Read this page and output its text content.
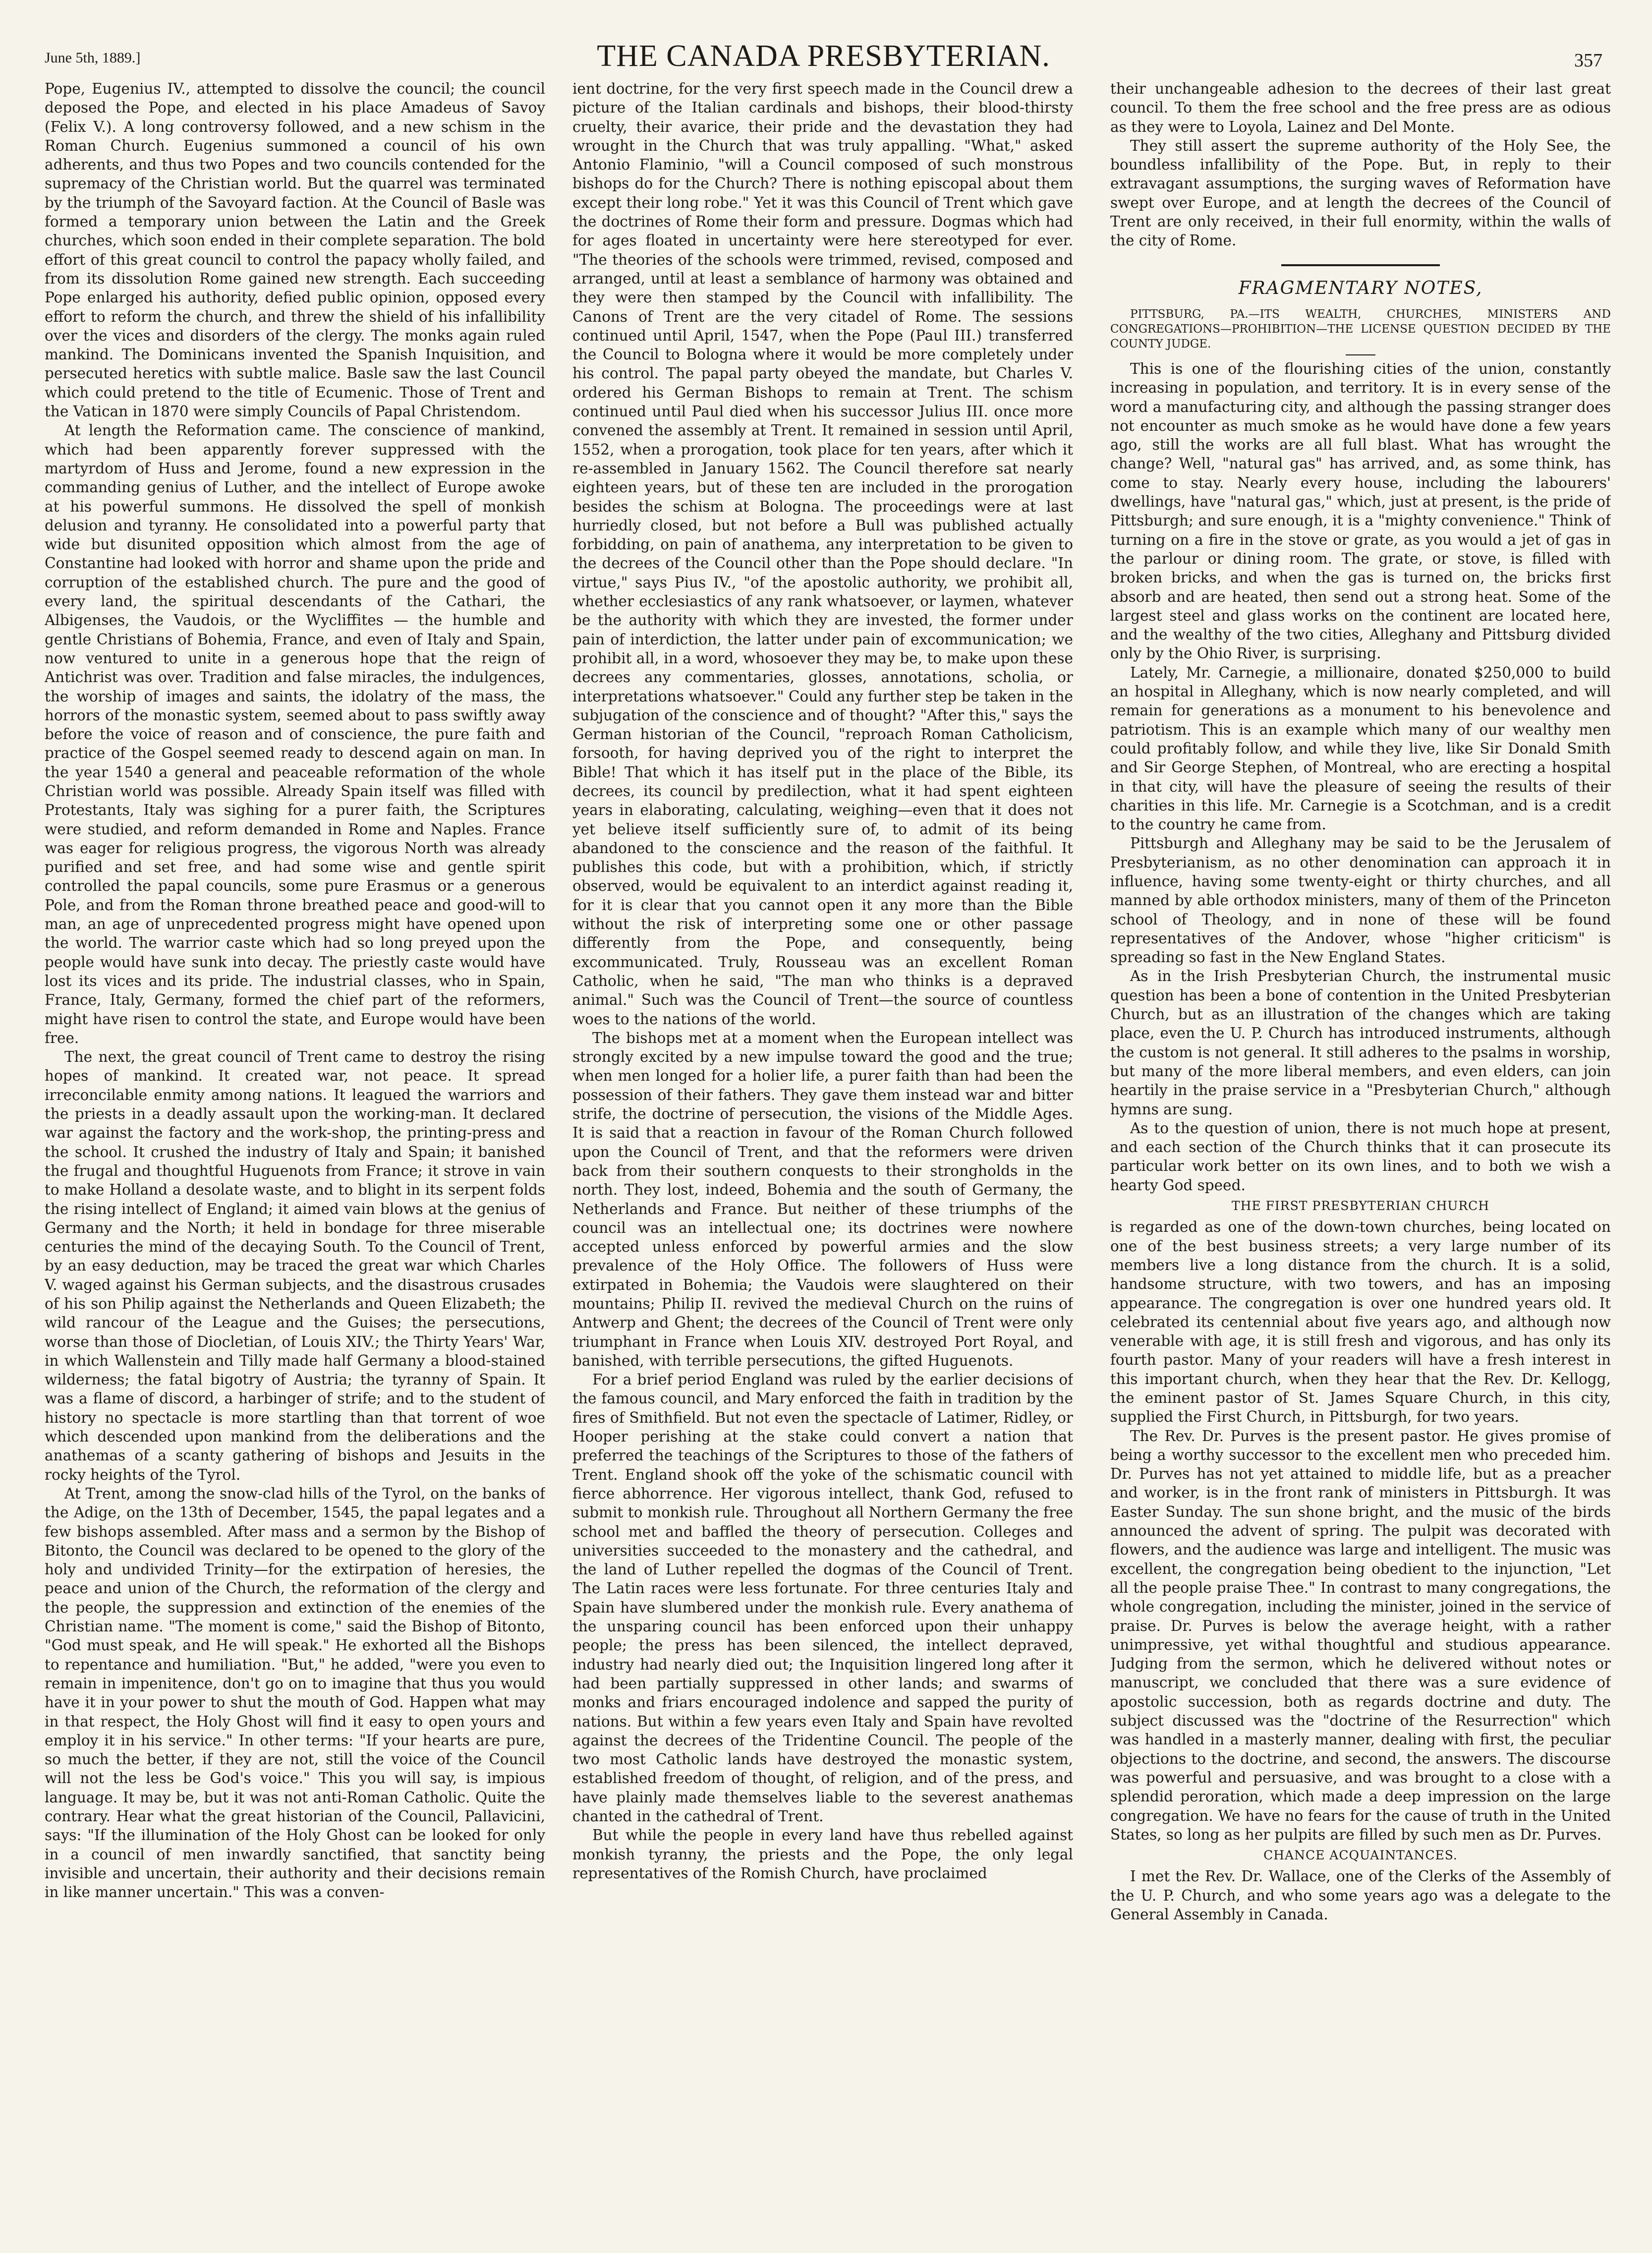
June 5th, 1889.]	THE CANADA PRESBYTERIAN.	357

Pope, Eugenius IV., attempted to dissolve the council; the council deposed the Pope, and elected in his place Amadeus of Savoy (Felix V.). A long controversy followed, and a new schism in the Roman Church. Eugenius summoned a council of his own adherents, and thus two Popes and two councils contended for the supremacy of the Christian world. But the quarrel was terminated by the triumph of the Savoyard faction. At the Council of Basle was formed a temporary union between the Latin and the Greek churches, which soon ended in their complete separation. The bold effort of this great council to control the papacy wholly failed, and from its dissolution Rome gained new strength. Each succeeding Pope enlarged his authority, defied public opinion, opposed every effort to reform the church, and threw the shield of his infallibility over the vices and disorders of the clergy. The monks again ruled mankind. The Dominicans invented the Spanish Inquisition, and persecuted heretics with subtle malice. Basle saw the last Council which could pretend to the title of Ecumenic. Those of Trent and the Vatican in 1870 were simply Councils of Papal Christendom.

At length the Reformation came. The conscience of mankind, which had been apparently forever suppressed with the martyrdom of Huss and Jerome, found a new expression in the commanding genius of Luther, and the intellect of Europe awoke at his powerful summons. He dissolved the spell of monkish delusion and tyranny. He consolidated into a powerful party that wide but disunited opposition which almost from the age of Constantine had looked with horror and shame upon the pride and corruption of the established church. The pure and the good of every land, the spiritual descendants of the Cathari, the Albigenses, the Vaudois, or the Wycliffites — the humble and gentle Christians of Bohemia, France, and even of Italy and Spain, now ventured to unite in a generous hope that the reign of Antichrist was over. Tradition and false miracles, the indulgences, the worship of images and saints, the idolatry of the mass, the horrors of the monastic system, seemed about to pass swiftly away before the voice of reason and of conscience, the pure faith and practice of the Gospel seemed ready to descend again on man. In the year 1540 a general and peaceable reformation of the whole Christian world was possible. Already Spain itself was filled with Protestants, Italy was sighing for a purer faith, the Scriptures were studied, and reform demanded in Rome and Naples. France was eager for religious progress, the vigorous North was already purified and set free, and had some wise and gentle spirit controlled the papal councils, some pure Erasmus or a generous Pole, and from the Roman throne breathed peace and good-will to man, an age of unprecedented progress might have opened upon the world. The warrior caste which had so long preyed upon the people would have sunk into decay. The priestly caste would have lost its vices and its pride. The industrial classes, who in Spain, France, Italy, Germany, formed the chief part of the reformers, might have risen to control the state, and Europe would have been free.

The next, the great council of Trent came to destroy the rising hopes of mankind. It created war, not peace. It spread irreconcilable enmity among nations. It leagued the warriors and the priests in a deadly assault upon the working-man. It declared war against the factory and the work-shop, the printing-press and the school. It crushed the industry of Italy and Spain; it banished the frugal and thoughtful Huguenots from France; it strove in vain to make Holland a desolate waste, and to blight in its serpent folds the rising intellect of England; it aimed vain blows at the genius of Germany and the North; it held in bondage for three miserable centuries the mind of the decaying South. To the Council of Trent, by an easy deduction, may be traced the great war which Charles V. waged against his German subjects, and the disastrous crusades of his son Philip against the Netherlands and Queen Elizabeth; the wild rancour of the League and the Guises; the persecutions, worse than those of Diocletian, of Louis XIV.; the Thirty Years' War, in which Wallenstein and Tilly made half Germany a blood-stained wilderness; the fatal bigotry of Austria; the tyranny of Spain. It was a flame of discord, a harbinger of strife; and to the student of history no spectacle is more startling than that torrent of woe which descended upon mankind from the deliberations and the anathemas of a scanty gathering of bishops and Jesuits in the rocky heights of the Tyrol.

At Trent, among the snow-clad hills of the Tyrol, on the banks of the Adige, on the 13th of December, 1545, the papal legates and a few bishops assembled. After mass and a sermon by the Bishop of Bitonto, the Council was declared to be opened to the glory of the holy and undivided Trinity—for the extirpation of heresies, the peace and union of the Church, the reformation of the clergy and the people, the suppression and extinction of the enemies of the Christian name. "The moment is come," said the Bishop of Bitonto, "God must speak, and He will speak." He exhorted all the Bishops to repentance and humiliation. "But," he added, "were you even to remain in impenitence, don't go on to imagine that thus you would have it in your power to shut the mouth of God. Happen what may in that respect, the Holy Ghost will find it easy to open yours and employ it in his service." In other terms: "If your hearts are pure, so much the better, if they are not, still the voice of the Council will not the less be God's voice." This you will say, is impious language. It may be, but it was not anti-Roman Catholic. Quite the contrary. Hear what the great historian of the Council, Pallavicini, says: "If the illumination of the Holy Ghost can be looked for only in a council of men inwardly sanctified, that sanctity being invisible and uncertain, their authority and their decisions remain in like manner uncertain." This was a conven-

ient doctrine, for the very first speech made in the Council drew a picture of the Italian cardinals and bishops, their blood-thirsty cruelty, their avarice, their pride and the devastation they had wrought in the Church that was truly appalling. "What," asked Antonio Flaminio, "will a Council composed of such monstrous bishops do for the Church? There is nothing episcopal about them except their long robe." Yet it was this Council of Trent which gave the doctrines of Rome their form and pressure. Dogmas which had for ages floated in uncertainty were here stereotyped for ever. "The theories of the schools were trimmed, revised, composed and arranged, until at least a semblance of harmony was obtained and they were then stamped by the Council with infallibility. The Canons of Trent are the very citadel of Rome. The sessions continued until April, 1547, when the Pope (Paul III.) transferred the Council to Bologna where it would be more completely under his control. The papal party obeyed the mandate, but Charles V. ordered his German Bishops to remain at Trent. The schism continued until Paul died when his successor Julius III. once more convened the assembly at Trent. It remained in session until April, 1552, when a prorogation, took place for ten years, after which it re-assembled in January 1562. The Council therefore sat nearly eighteen years, but of these ten are included in the prorogation besides the schism at Bologna. The proceedings were at last hurriedly closed, but not before a Bull was published actually forbidding, on pain of anathema, any interpretation to be given to the decrees of the Council other than the Pope should declare. "In virtue," says Pius IV., "of the apostolic authority, we prohibit all, whether ecclesiastics of any rank whatsoever, or laymen, whatever be the authority with which they are invested, the former under pain of interdiction, the latter under pain of excommunication; we prohibit all, in a word, whosoever they may be, to make upon these decrees any commentaries, glosses, annotations, scholia, or interpretations whatsoever." Could any further step be taken in the subjugation of the conscience and of thought? "After this," says the German historian of the Council, "reproach Roman Catholicism, forsooth, for having deprived you of the right to interpret the Bible! That which it has itself put in the place of the Bible, its decrees, its council by predilection, what it had spent eighteen years in elaborating, calculating, weighing—even that it does not yet believe itself sufficiently sure of, to admit of its being abandoned to the conscience and the reason of the faithful. It publishes this code, but with a prohibition, which, if strictly observed, would be equivalent to an interdict against reading it, for it is clear that you cannot open it any more than the Bible without the risk of interpreting some one or other passage differently from the Pope, and consequently, being excommunicated. Truly, Rousseau was an excellent Roman Catholic, when he said, "The man who thinks is a depraved animal." Such was the Council of Trent—the source of countless woes to the nations of the world.

The bishops met at a moment when the European intellect was strongly excited by a new impulse toward the good and the true; when men longed for a holier life, a purer faith than had been the possession of their fathers. They gave them instead war and bitter strife, the doctrine of persecution, the visions of the Middle Ages. It is said that a reaction in favour of the Roman Church followed upon the Council of Trent, and that the reformers were driven back from their southern conquests to their strongholds in the north. They lost, indeed, Bohemia and the south of Germany, the Netherlands and France. But neither of these triumphs of the council was an intellectual one; its doctrines were nowhere accepted unless enforced by powerful armies and the slow prevalence of the Holy Office. The followers of Huss were extirpated in Bohemia; the Vaudois were slaughtered on their mountains; Philip II. revived the medieval Church on the ruins of Antwerp and Ghent; the decrees of the Council of Trent were only triumphant in France when Louis XIV. destroyed Port Royal, and banished, with terrible persecutions, the gifted Huguenots.

For a brief period England was ruled by the earlier decisions of the famous council, and Mary enforced the faith in tradition by the fires of Smithfield. But not even the spectacle of Latimer, Ridley, or Hooper perishing at the stake could convert a nation that preferred the teachings of the Scriptures to those of the fathers of Trent. England shook off the yoke of the schismatic council with fierce abhorrence. Her vigorous intellect, thank God, refused to submit to monkish rule. Throughout all Northern Germany the free school met and baffled the theory of persecution. Colleges and universities succeeded to the monastery and the cathedral, and the land of Luther repelled the dogmas of the Council of Trent. The Latin races were less fortunate. For three centuries Italy and Spain have slumbered under the monkish rule. Every anathema of the unsparing council has been enforced upon their unhappy people; the press has been silenced, the intellect depraved, industry had nearly died out; the Inquisition lingered long after it had been partially suppressed in other lands; and swarms of monks and friars encouraged indolence and sapped the purity of nations. But within a few years even Italy and Spain have revolted against the decrees of the Tridentine Council. The people of the two most Catholic lands have destroyed the monastic system, established freedom of thought, of religion, and of the press, and have plainly made themselves liable to the severest anathemas chanted in the cathedral of Trent.

But while the people in every land have thus rebelled against monkish tyranny, the priests and the Pope, the only legal representatives of the Romish Church, have proclaimed

their unchangeable adhesion to the decrees of their last great council. To them the free school and the free press are as odious as they were to Loyola, Lainez and Del Monte.

They still assert the supreme authority of the Holy See, the boundless infallibility of the Pope. But, in reply to their extravagant assumptions, the surging waves of Reformation have swept over Europe, and at length the decrees of the Council of Trent are only received, in their full enormity, within the walls of the city of Rome.

FRAGMENTARY NOTES,

PITTSBURG, PA.—ITS WEALTH, CHURCHES, MINISTERS AND CONGREGATIONS—PROHIBITION—THE LICENSE QUESTION DECIDED BY THE COUNTY JUDGE.

This is one of the flourishing cities of the union, constantly increasing in population, and territory. It is in every sense of the word a manufacturing city, and although the passing stranger does not encounter as much smoke as he would have done a few years ago, still the works are all full blast. What has wrought the change? Well, "natural gas" has arrived, and, as some think, has come to stay. Nearly every house, including the labourers' dwellings, have "natural gas," which, just at present, is the pride of Pittsburgh; and sure enough, it is a "mighty convenience." Think of turning on a fire in the stove or grate, as you would a jet of gas in the parlour or dining room. The grate, or stove, is filled with broken bricks, and when the gas is turned on, the bricks first absorb and are heated, then send out a strong heat. Some of the largest steel and glass works on the continent are located here, and the wealthy of the two cities, Alleghany and Pittsburg divided only by the Ohio River, is surprising.

Lately, Mr. Carnegie, a millionaire, donated $250,000 to build an hospital in Alleghany, which is now nearly completed, and will remain for generations as a monument to his benevolence and patriotism. This is an example which many of our wealthy men could profitably follow, and while they live, like Sir Donald Smith and Sir George Stephen, of Montreal, who are erecting a hospital in that city, will have the pleasure of seeing the results of their charities in this life. Mr. Carnegie is a Scotchman, and is a credit to the country he came from.

Pittsburgh and Alleghany may be said to be the Jerusalem of Presbyterianism, as no other denomination can approach it in influence, having some twenty-eight or thirty churches, and all manned by able orthodox ministers, many of them of the Princeton school of Theology, and in none of these will be found representatives of the Andover, whose "higher criticism" is spreading so fast in the New England States.

As in the Irish Presbyterian Church, the instrumental music question has been a bone of contention in the United Presbyterian Church, but as an illustration of the changes which are taking place, even the U. P. Church has introduced instruments, although the custom is not general. It still adheres to the psalms in worship, but many of the more liberal members, and even elders, can join heartily in the praise service in a "Presbyterian Church," although hymns are sung.

As to the question of union, there is not much hope at present, and each section of the Church thinks that it can prosecute its particular work better on its own lines, and to both we wish a hearty God speed.

THE FIRST PRESBYTERIAN CHURCH

is regarded as one of the down-town churches, being located on one of the best business streets; a very large number of its members live a long distance from the church. It is a solid, handsome structure, with two towers, and has an imposing appearance. The congregation is over one hundred years old. It celebrated its centennial about five years ago, and although now venerable with age, it is still fresh and vigorous, and has only its fourth pastor. Many of your readers will have a fresh interest in this important church, when they hear that the Rev. Dr. Kellogg, the eminent pastor of St. James Square Church, in this city, supplied the First Church, in Pittsburgh, for two years.

The Rev. Dr. Purves is the present pastor. He gives promise of being a worthy successor to the excellent men who preceded him. Dr. Purves has not yet attained to middle life, but as a preacher and worker, is in the front rank of ministers in Pittsburgh. It was Easter Sunday. The sun shone bright, and the music of the birds announced the advent of spring. The pulpit was decorated with flowers, and the audience was large and intelligent. The music was excellent, the congregation being obedient to the injunction, "Let all the people praise Thee." In contrast to many congregations, the whole congregation, including the minister, joined in the service of praise. Dr. Purves is below the average height, with a rather unimpressive, yet withal thoughtful and studious appearance. Judging from the sermon, which he delivered without notes or manuscript, we concluded that there was a sure evidence of apostolic succession, both as regards doctrine and duty. The subject discussed was the "doctrine of the Resurrection" which was handled in a masterly manner, dealing with first, the peculiar objections to the doctrine, and second, the answers. The discourse was powerful and persuasive, and was brought to a close with a splendid peroration, which made a deep impression on the large congregation. We have no fears for the cause of truth in the United States, so long as her pulpits are filled by such men as Dr. Purves.

CHANCE ACQUAINTANCES.

I met the Rev. Dr. Wallace, one of the Clerks of the Assembly of the U. P. Church, and who some years ago was a delegate to the General Assembly in Canada.
